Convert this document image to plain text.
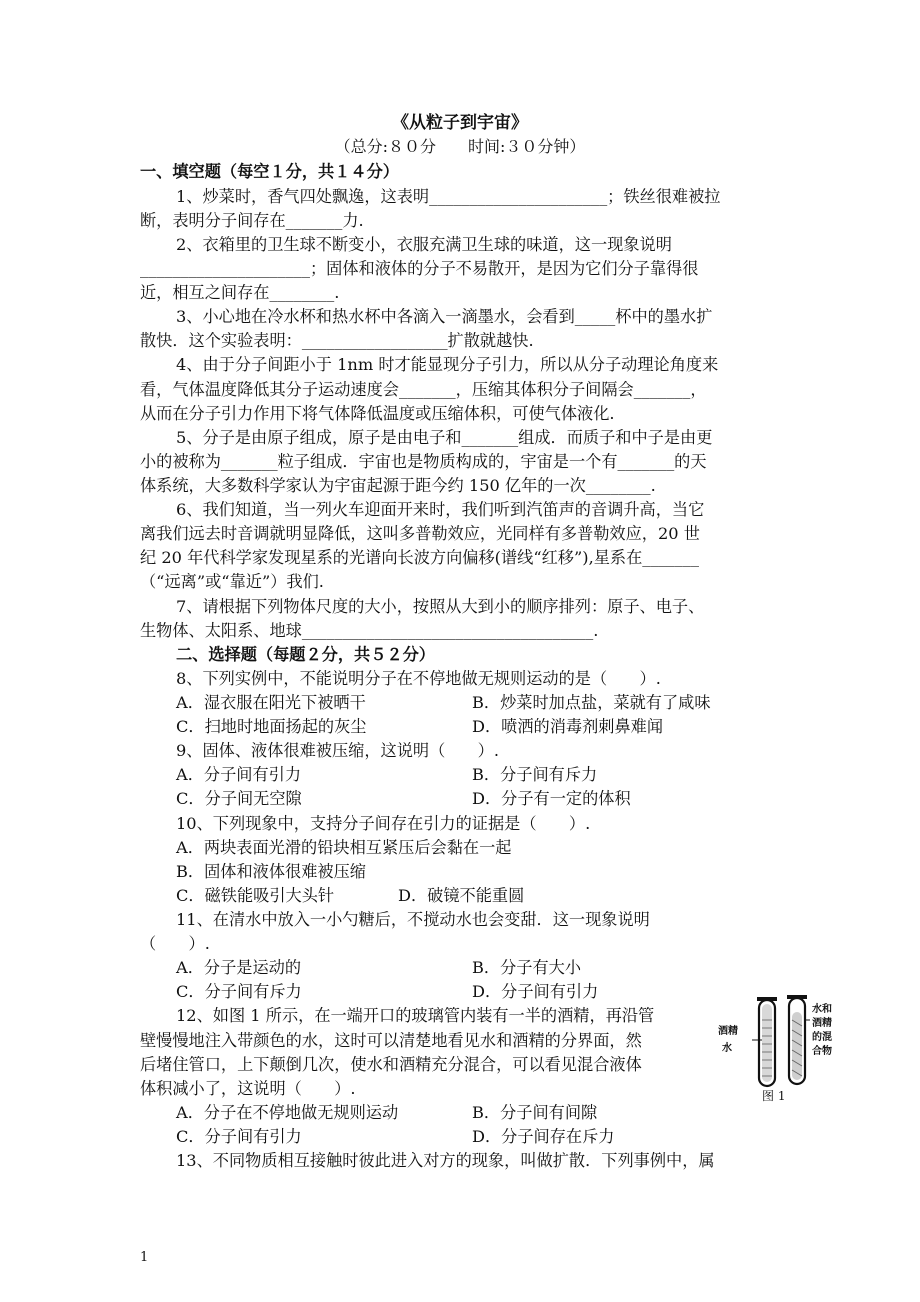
《从粒子到宇宙》
（总分:８０分　　时间:３０分钟）
一、填空题（每空１分，共１４分）
1、炒菜时，香气四处飘逸，这表明______________________；铁丝很难被拉
断，表明分子间存在_______力.
2、衣箱里的卫生球不断变小，衣服充满卫生球的味道，这一现象说明
_____________________；固体和液体的分子不易散开，是因为它们分子靠得很
近，相互之间存在________.
3、小心地在冷水杯和热水杯中各滴入一滴墨水，会看到_____杯中的墨水扩
散快．这个实验表明：__________________扩散就越快.
4、由于分子间距小于 1nm 时才能显现分子引力，所以从分子动理论角度来
看，气体温度降低其分子运动速度会_______，压缩其体积分子间隔会_______，
从而在分子引力作用下将气体降低温度或压缩体积，可使气体液化.
5、分子是由原子组成，原子是由电子和_______组成．而质子和中子是由更
小的被称为_______粒子组成．宇宙也是物质构成的，宇宙是一个有_______的天
体系统，大多数科学家认为宇宙起源于距今约 150 亿年的一次________.
6、我们知道，当一列火车迎面开来时，我们听到汽笛声的音调升高，当它
离我们远去时音调就明显降低，这叫多普勒效应，光同样有多普勒效应，20 世
纪 20 年代科学家发现星系的光谱向长波方向偏移(谱线“红移”),星系在_______
（“远离”或“靠近”）我们.
7、请根据下列物体尺度的大小，按照从大到小的顺序排列：原子、电子、
生物体、太阳系、地球____________________________________.
二、选择题（每题２分，共５２分）
8、下列实例中，不能说明分子在不停地做无规则运动的是（　　）.
A．湿衣服在阳光下被晒干	B．炒菜时加点盐，菜就有了咸味
C．扫地时地面扬起的灰尘	D．喷洒的消毒剂刺鼻难闻
9、固体、液体很难被压缩，这说明（　　）.
A．分子间有引力	B．分子间有斥力
C．分子间无空隙	D．分子有一定的体积
10、下列现象中，支持分子间存在引力的证据是（　　）.
A．两块表面光滑的铅块相互紧压后会黏在一起
B．固体和液体很难被压缩
C．磁铁能吸引大头针	D．破镜不能重圆
11、在清水中放入一小勺糖后，不搅动水也会变甜．这一现象说明
（　　）.
A．分子是运动的	B．分子有大小
C．分子间有斥力	D．分子间有引力
12、如图 1 所示，在一端开口的玻璃管内装有一半的酒精，再沿管
壁慢慢地注入带颜色的水，这时可以清楚地看见水和酒精的分界面，然
后堵住管口，上下颠倒几次，使水和酒精充分混合，可以看见混合液体
体积减小了，这说明（　　）.
A．分子在不停地做无规则运动	B．分子间有间隙
C．分子间有引力	D．分子间存在斥力
13、不同物质相互接触时彼此进入对方的现象，叫做扩散．下列事例中，属
酒精
水
水和
酒精
的混
合物
图 1
1
